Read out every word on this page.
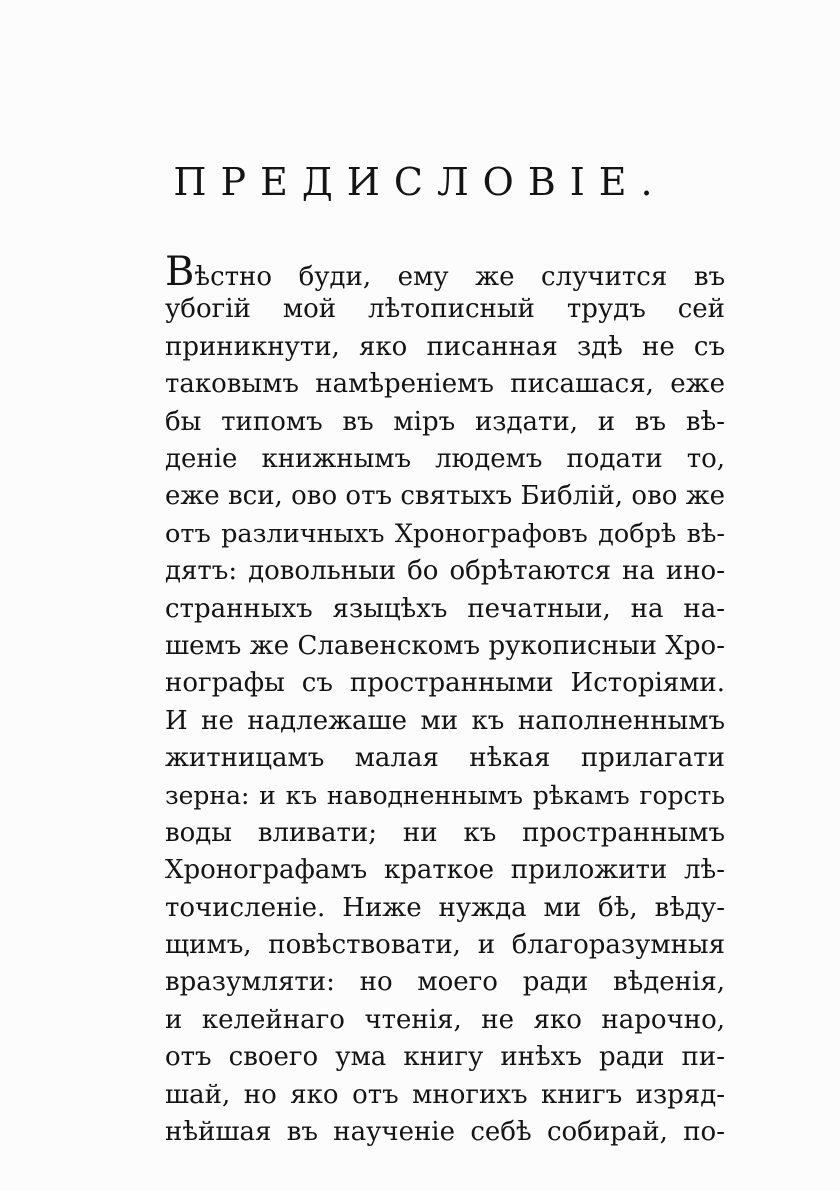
ПРЕДИСЛОВІЕ.
Вѣстно буди, ему же случится въ
убогій мой лѣтописный трудъ сей
приникнути, яко писанная здѣ не съ
таковымъ намѣреніемъ писашася, еже
бы типомъ въ міръ издати, и въ вѣ-
деніе книжнымъ людемъ подати то,
еже вси, ово отъ святыхъ Библій, ово же
отъ различныхъ Хронографовъ добрѣ вѣ-
дятъ: довольныи бо обрѣтаются на ино-
странныхъ языцѣхъ печатныи, на на-
шемъ же Славенскомъ рукописныи Хро-
нографы съ пространными Исторіями.
И не надлежаше ми къ наполненнымъ
житницамъ малая нѣкая прилагати
зерна: и къ наводненнымъ рѣкамъ горсть
воды вливати; ни къ пространнымъ
Хронографамъ краткое приложити лѣ-
точисленіе. Ниже нужда ми бѣ, вѣду-
щимъ, повѣствовати, и благоразумныя
вразумляти: но моего ради вѣденія,
и келейнаго чтенія, не яко нарочно,
отъ своего ума книгу инѣхъ ради пи-
шай, но яко отъ многихъ книгъ изряд-
нѣйшая въ наученіе себѣ собирай, по-
